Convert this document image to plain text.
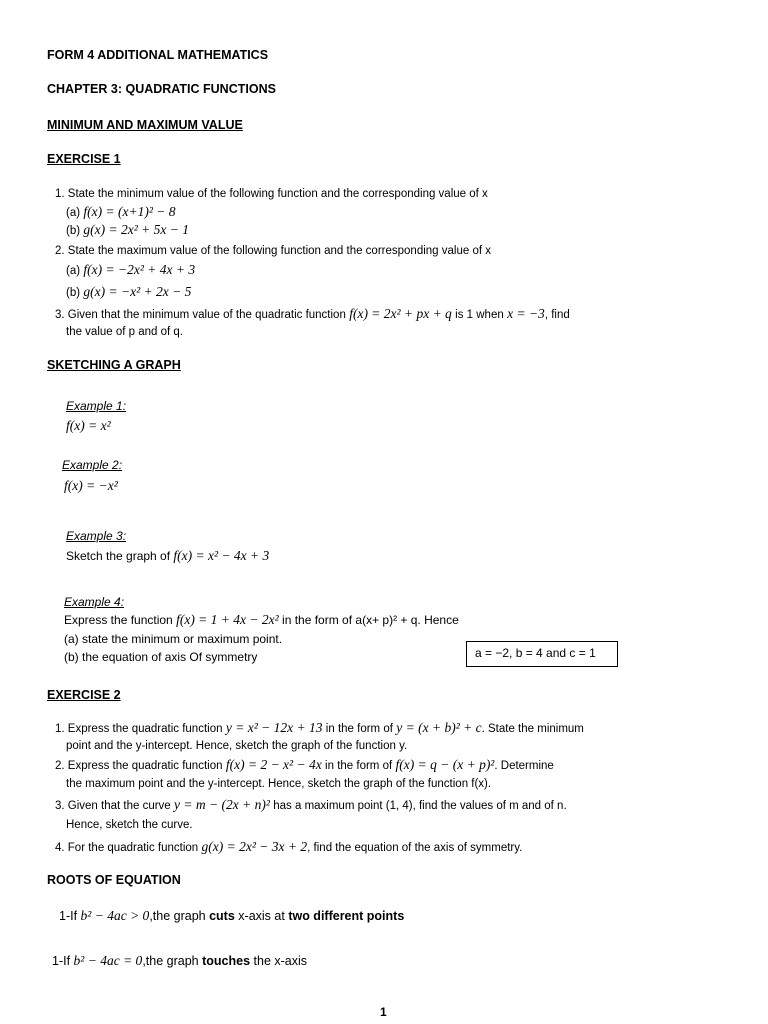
FORM 4 ADDITIONAL MATHEMATICS
CHAPTER 3: QUADRATIC FUNCTIONS
MINIMUM AND MAXIMUM VALUE
EXERCISE 1
1. State the minimum value of the following function and the corresponding value of x
(a) f(x) = (x+1)² − 8
(b) g(x) = 2x² + 5x − 1
2. State the maximum value of the following function and the corresponding value of x
(a) f(x) = −2x² + 4x + 3
(b) g(x) = −x² + 2x − 5
3. Given that the minimum value of the quadratic function f(x) = 2x² + px + q is 1 when x = −3, find
the value of p and of q.
SKETCHING A GRAPH
Example 1:
f(x) = x²
Example 2:
f(x) = −x²
Example 3:
Sketch the graph of f(x) = x² − 4x + 3
Example 4:
Express the function f(x) = 1 + 4x − 2x² in the form of a(x+ p)² + q. Hence
(a) state the minimum or maximum point.
(b) the equation of axis Of symmetry	a = −2, b = 4 and c = 1
EXERCISE 2
1. Express the quadratic function y = x² − 12x + 13 in the form of y = (x + b)² + c. State the minimum
point and the y-intercept. Hence, sketch the graph of the function y.
2. Express the quadratic function f(x) = 2 − x² − 4x in the form of f(x) = q − (x + p)². Determine
the maximum point and the y-intercept. Hence, sketch the graph of the function f(x).
3. Given that the curve y = m − (2x + n)² has a maximum point (1, 4), find the values of m and of n.
Hence, sketch the curve.
4. For the quadratic function g(x) = 2x² − 3x + 2, find the equation of the axis of symmetry.
ROOTS OF EQUATION
1-If b² − 4ac > 0,the graph cuts x-axis at two different points
1-If b² − 4ac = 0,the graph touches the x-axis
1
